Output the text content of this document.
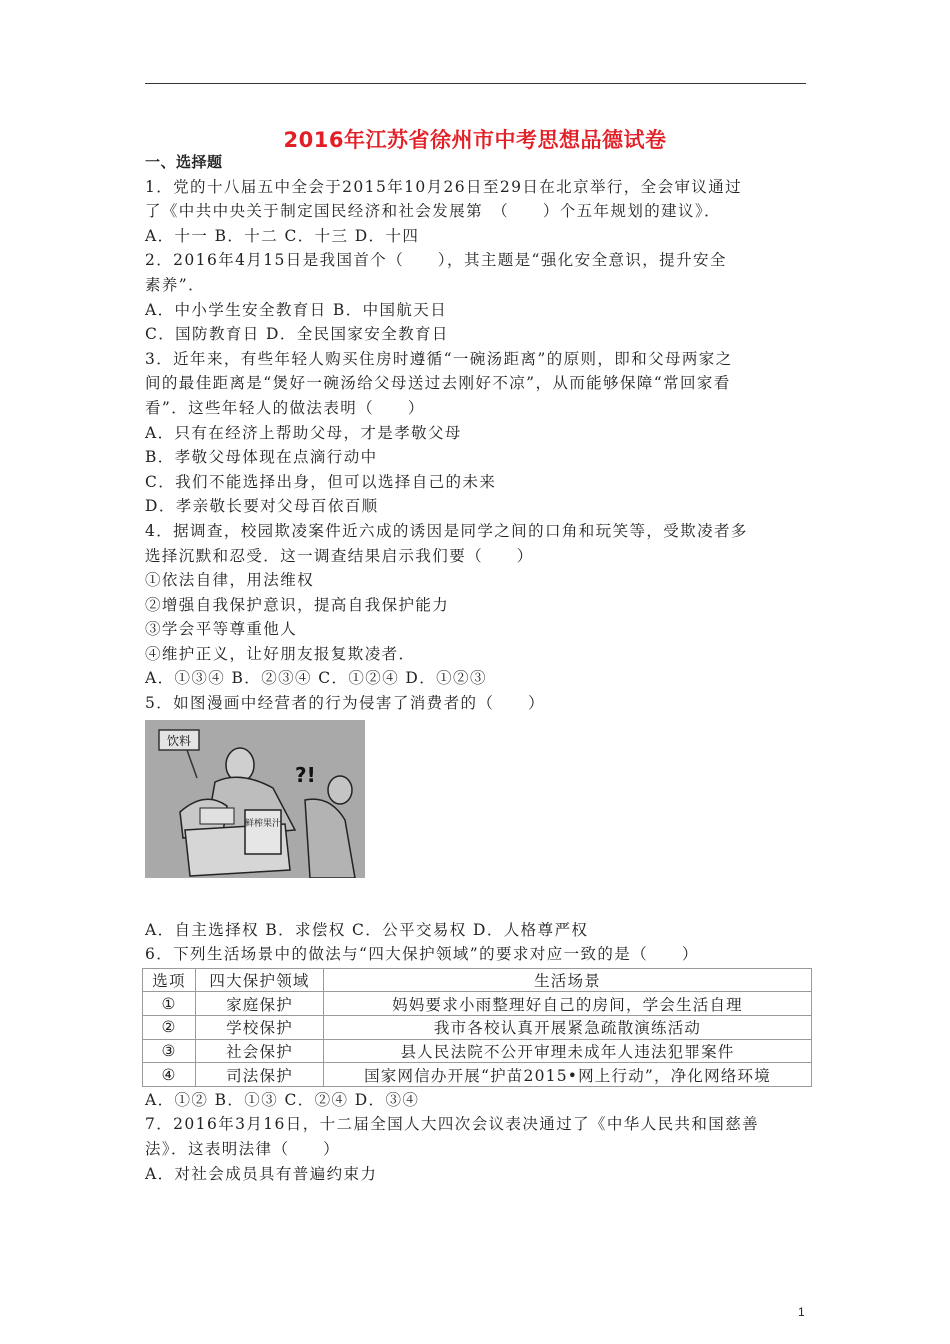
2016年江苏省徐州市中考思想品德试卷
一、选择题
1．党的十八届五中全会于2015年10月26日至29日在北京举行，全会审议通过
了《中共中央关于制定国民经济和社会发展第　（　　）个五年规划的建议》．
A．十一 B．十二 C．十三 D．十四
2．2016年4月15日是我国首个（　　），其主题是“强化安全意识，提升安全
素养”．
A．中小学生安全教育日 B．中国航天日
C．国防教育日 D．全民国家安全教育日
3．近年来，有些年轻人购买住房时遵循“一碗汤距离”的原则，即和父母两家之
间的最佳距离是“煲好一碗汤给父母送过去刚好不凉”，从而能够保障“常回家看
看”．这些年轻人的做法表明（　　）
A．只有在经济上帮助父母，才是孝敬父母
B．孝敬父母体现在点滴行动中
C．我们不能选择出身，但可以选择自己的未来
D．孝亲敬长要对父母百依百顺
4．据调查，校园欺凌案件近六成的诱因是同学之间的口角和玩笑等，受欺凌者多
选择沉默和忍受．这一调查结果启示我们要（　　）
①依法自律，用法维权
②增强自我保护意识，提高自我保护能力
③学会平等尊重他人
④维护正义，让好朋友报复欺凌者．
A．①③④ B．②③④ C．①②④ D．①②③
5．如图漫画中经营者的行为侵害了消费者的（　　）
饮料
鲜榨果汁
?!
A．自主选择权 B．求偿权 C．公平交易权 D．人格尊严权
6．下列生活场景中的做法与“四大保护领域”的要求对应一致的是（　　）
选项	四大保护领域	生活场景
①	家庭保护	妈妈要求小雨整理好自己的房间，学会生活自理
②	学校保护	我市各校认真开展紧急疏散演练活动
③	社会保护	县人民法院不公开审理未成年人违法犯罪案件
④	司法保护	国家网信办开展“护苗2015•网上行动”，净化网络环境
A．①② B．①③ C．②④ D．③④
7．2016年3月16日，十二届全国人大四次会议表决通过了《中华人民共和国慈善
法》．这表明法律（　　）
A．对社会成员具有普遍约束力
1
